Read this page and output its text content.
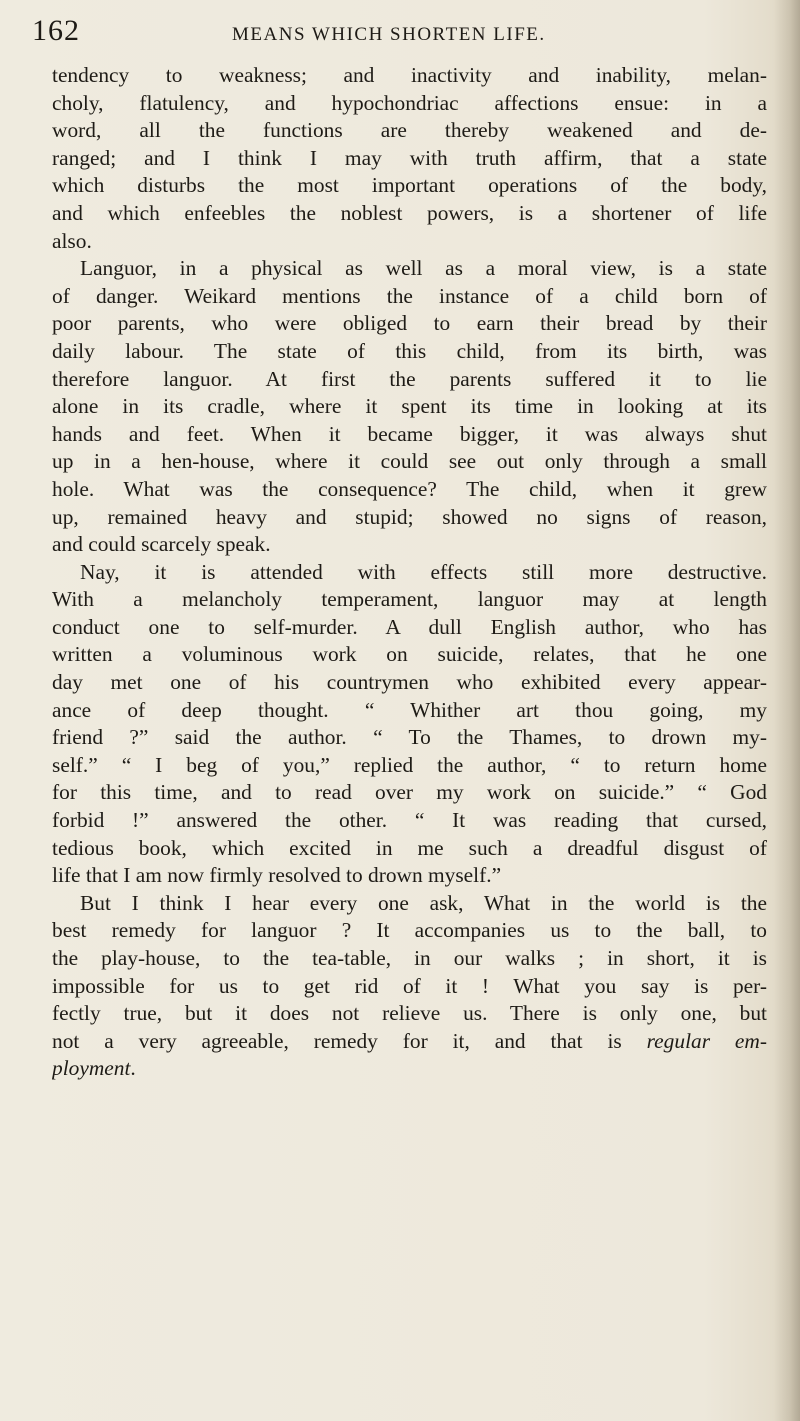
162	MEANS WHICH SHORTEN LIFE.
tendency to weakness; and inactivity and inability, melan-
choly, flatulency, and hypochondriac affections ensue: in a
word, all the functions are thereby weakened and de-
ranged; and I think I may with truth affirm, that a state
which disturbs the most important operations of the body,
and which enfeebles the noblest powers, is a shortener of life
also.
Languor, in a physical as well as a moral view, is a state
of danger. Weikard mentions the instance of a child born of
poor parents, who were obliged to earn their bread by their
daily labour. The state of this child, from its birth, was
therefore languor. At first the parents suffered it to lie
alone in its cradle, where it spent its time in looking at its
hands and feet. When it became bigger, it was always shut
up in a hen-house, where it could see out only through a small
hole. What was the consequence? The child, when it grew
up, remained heavy and stupid; showed no signs of reason,
and could scarcely speak.
Nay, it is attended with effects still more destructive.
With a melancholy temperament, languor may at length
conduct one to self-murder. A dull English author, who has
written a voluminous work on suicide, relates, that he one
day met one of his countrymen who exhibited every appear-
ance of deep thought. “ Whither art thou going, my
friend ?” said the author. “ To the Thames, to drown my-
self.” “ I beg of you,” replied the author, “ to return home
for this time, and to read over my work on suicide.” “ God
forbid !” answered the other. “ It was reading that cursed,
tedious book, which excited in me such a dreadful disgust of
life that I am now firmly resolved to drown myself.”
But I think I hear every one ask, What in the world is the
best remedy for languor ? It accompanies us to the ball, to
the play-house, to the tea-table, in our walks ; in short, it is
impossible for us to get rid of it ! What you say is per-
fectly true, but it does not relieve us. There is only one, but
not a very agreeable, remedy for it, and that is regular em-
ployment.
